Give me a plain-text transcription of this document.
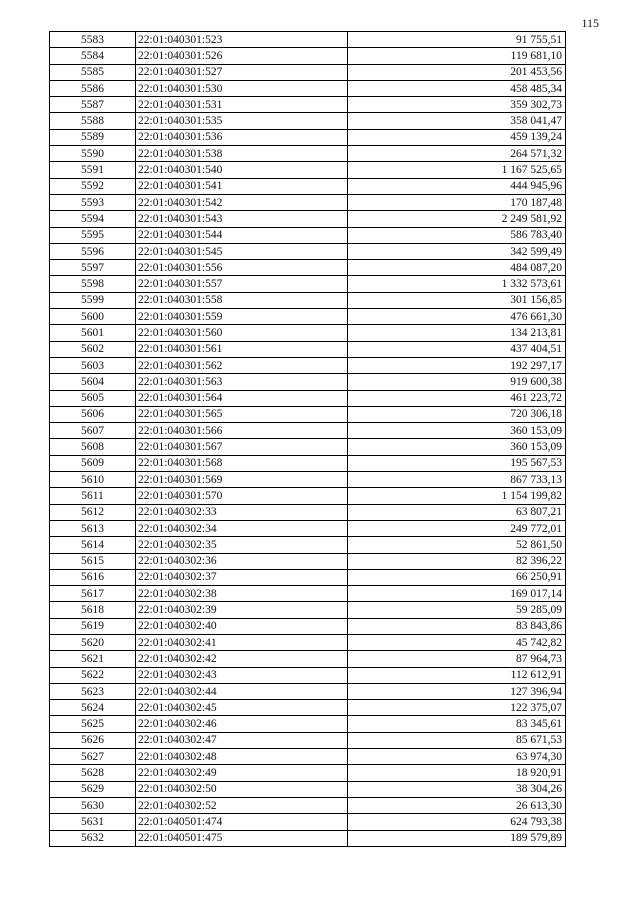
115
5583	22:01:040301:523	91 755,51
5584	22:01:040301:526	119 681,10
5585	22:01:040301:527	201 453,56
5586	22:01:040301:530	458 485,34
5587	22:01:040301:531	359 302,73
5588	22:01:040301:535	358 041,47
5589	22:01:040301:536	459 139,24
5590	22:01:040301:538	264 571,32
5591	22:01:040301:540	1 167 525,65
5592	22:01:040301:541	444 945,96
5593	22:01:040301:542	170 187,48
5594	22:01:040301:543	2 249 581,92
5595	22:01:040301:544	586 783,40
5596	22:01:040301:545	342 599,49
5597	22:01:040301:556	484 087,20
5598	22:01:040301:557	1 332 573,61
5599	22:01:040301:558	301 156,85
5600	22:01:040301:559	476 661,30
5601	22:01:040301:560	134 213,81
5602	22:01:040301:561	437 404,51
5603	22:01:040301:562	192 297,17
5604	22:01:040301:563	919 600,38
5605	22:01:040301:564	461 223,72
5606	22:01:040301:565	720 306,18
5607	22:01:040301:566	360 153,09
5608	22:01:040301:567	360 153,09
5609	22:01:040301:568	195 567,53
5610	22:01:040301:569	867 733,13
5611	22:01:040301:570	1 154 199,82
5612	22:01:040302:33	63 807,21
5613	22:01:040302:34	249 772,01
5614	22:01:040302:35	52 861,50
5615	22:01:040302:36	82 396,22
5616	22:01:040302:37	66 250,91
5617	22:01:040302:38	169 017,14
5618	22:01:040302:39	59 285,09
5619	22:01:040302:40	83 843,86
5620	22:01:040302:41	45 742,82
5621	22:01:040302:42	87 964,73
5622	22:01:040302:43	112 612,91
5623	22:01:040302:44	127 396,94
5624	22:01:040302:45	122 375,07
5625	22:01:040302:46	83 345,61
5626	22:01:040302:47	85 671,53
5627	22:01:040302:48	63 974,30
5628	22:01:040302:49	18 920,91
5629	22:01:040302:50	38 304,26
5630	22:01:040302:52	26 613,30
5631	22:01:040501:474	624 793,38
5632	22:01:040501:475	189 579,89
